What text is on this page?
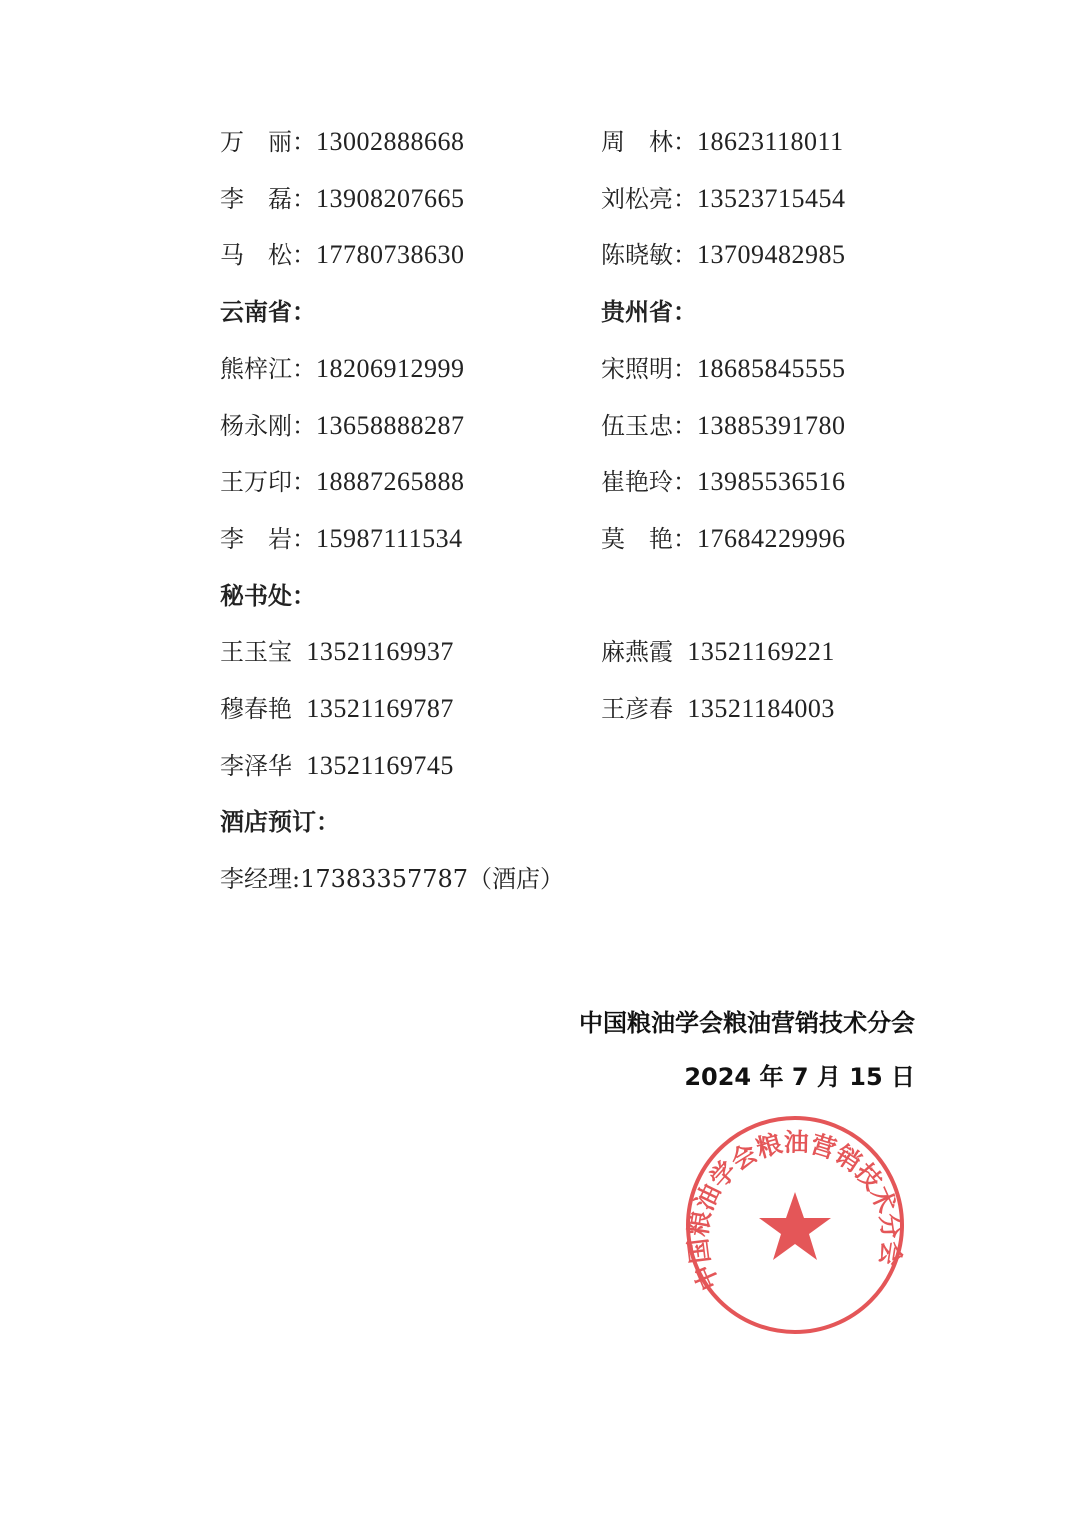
万丽 ： 13002888668	周林 ： 18623118011
李磊 ： 13908207665	刘松亮 ： 13523715454
马松 ： 17780738630	陈晓敏 ： 13709482985
云南省：	贵州省：
熊梓江 ： 18206912999	宋照明 ： 18685845555
杨永刚 ： 13658888287	伍玉忠 ： 13885391780
王万印 ： 18887265888	崔艳玲 ： 13985536516
李岩 ： 15987111534	莫艳 ： 17684229996
秘书处：
王玉宝 13521169937	麻燕霞 13521169221
穆春艳 13521169787	王彦春 13521184003
李泽华 13521169745
酒店预订：
李经理:17383357787（酒店）
中国粮油学会粮油营销技术分会
2024 年 7 月 15 日
中国粮油学会粮油营销技术分会
